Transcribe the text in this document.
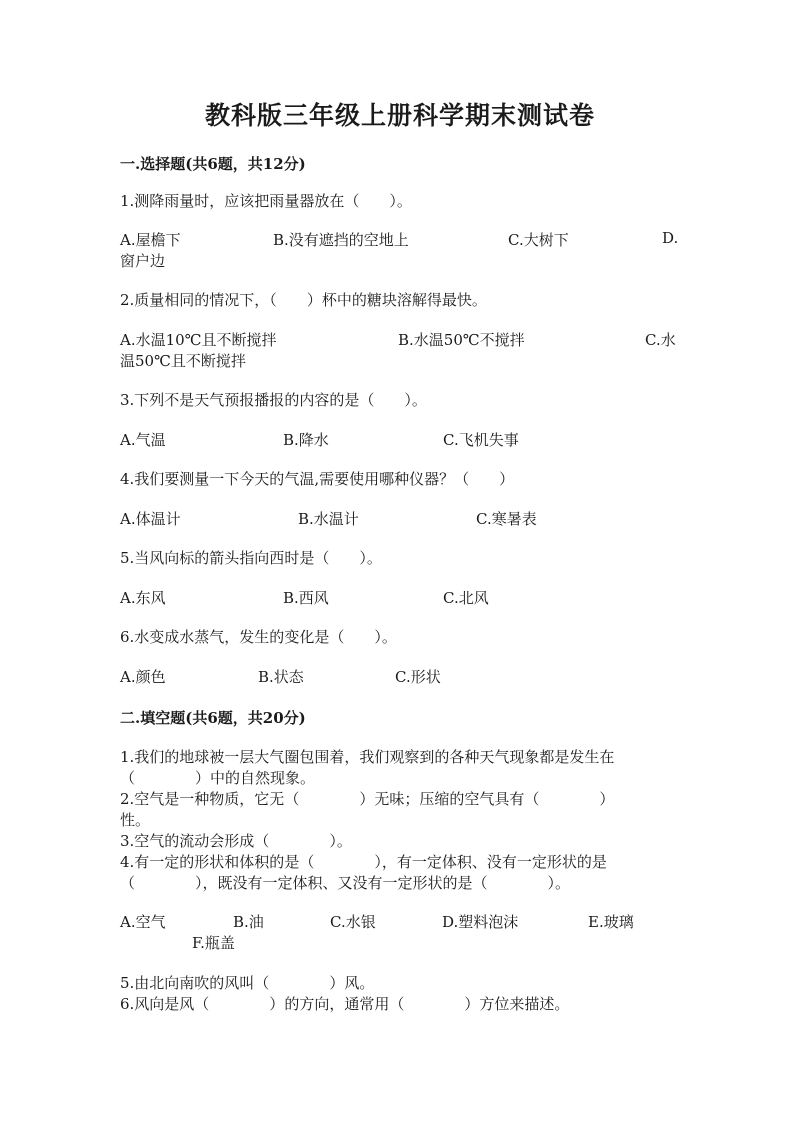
教科版三年级上册科学期末测试卷
一.选择题(共6题，共12分)
1.测降雨量时，应该把雨量器放在（　　）。
A.屋檐下	B.没有遮挡的空地上	C.大树下	D.
窗户边
2.质量相同的情况下，（　　）杯中的糖块溶解得最快。
A.水温10℃且不断搅拌	B.水温50℃不搅拌	C.水
温50℃且不断搅拌
3.下列不是天气预报播报的内容的是（　　）。
A.气温	B.降水	C.飞机失事
4.我们要测量一下今天的气温,需要使用哪种仪器？（　　）
A.体温计	B.水温计	C.寒暑表
5.当风向标的箭头指向西时是（　　）。
A.东风	B.西风	C.北风
6.水变成水蒸气，发生的变化是（　　）。
A.颜色	B.状态	C.形状
二.填空题(共6题，共20分)
1.我们的地球被一层大气圈包围着，我们观察到的各种天气现象都是发生在
（　　　　）中的自然现象。
2.空气是一种物质，它无（　　　　）无味；压缩的空气具有（　　　　）
性。
3.空气的流动会形成（　　　　）。
4.有一定的形状和体积的是（　　　　），有一定体积、没有一定形状的是
（　　　　），既没有一定体积、又没有一定形状的是（　　　　）。
A.空气	B.油	C.水银	D.塑料泡沫	E.玻璃
F.瓶盖
5.由北向南吹的风叫（　　　　）风。
6.风向是风（　　　　）的方向，通常用（　　　　）方位来描述。
